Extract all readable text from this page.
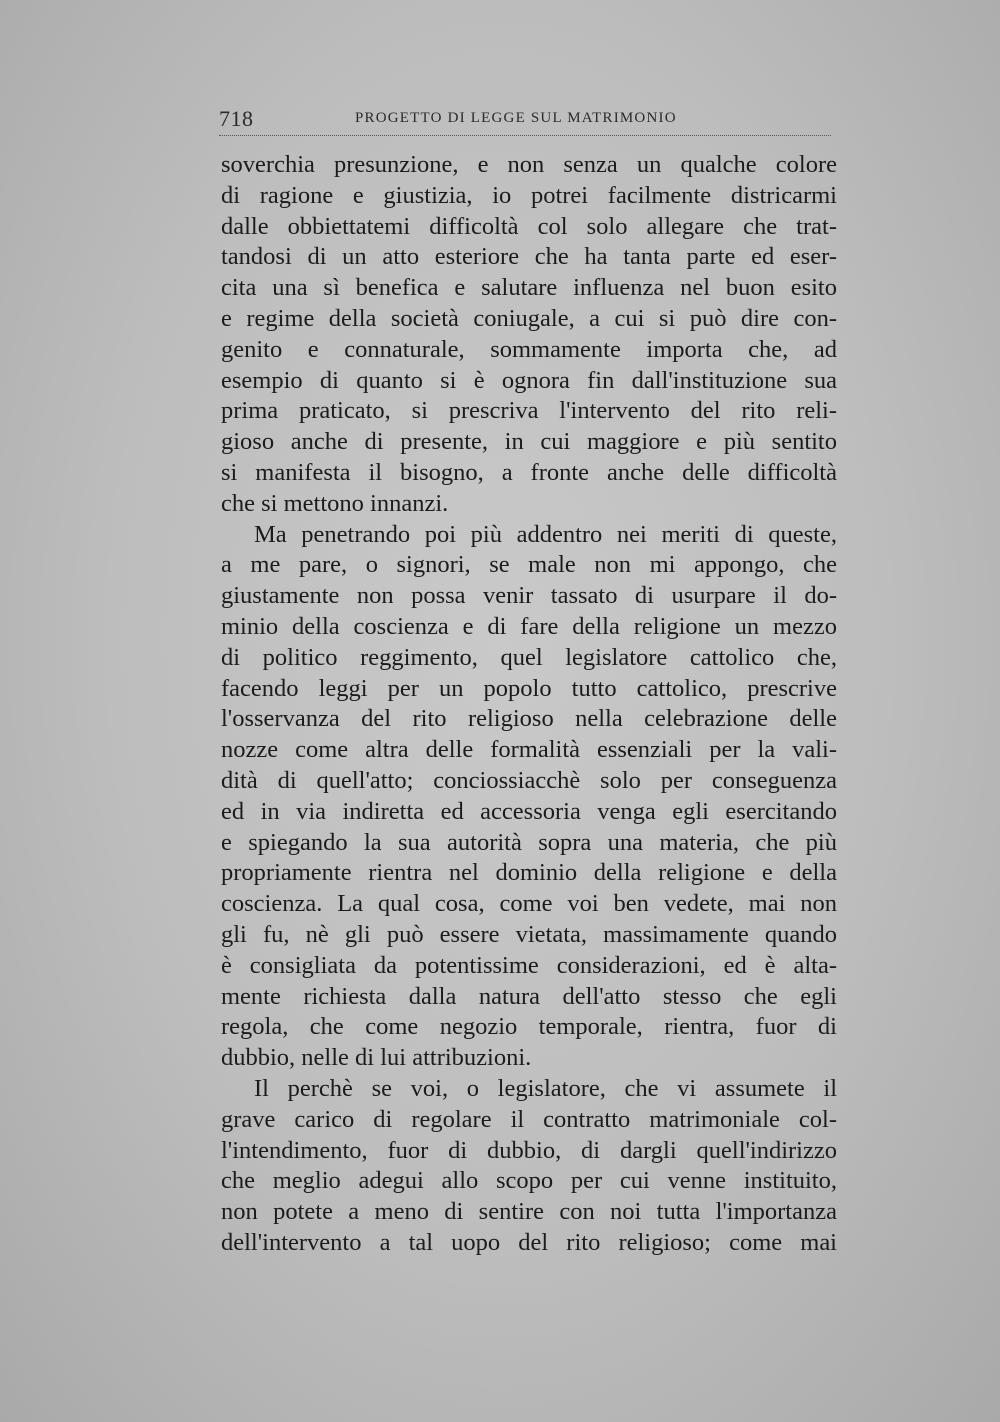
718	PROGETTO DI LEGGE SUL MATRIMONIO
soverchia presunzione, e non senza un qualche colore
di ragione e giustizia, io potrei facilmente districarmi
dalle obbiettatemi difficoltà col solo allegare che trat-
tandosi di un atto esteriore che ha tanta parte ed eser-
cita una sì benefica e salutare influenza nel buon esito
e regime della società coniugale, a cui si può dire con-
genito e connaturale, sommamente importa che, ad
esempio di quanto si è ognora fin dall'instituzione sua
prima praticato, si prescriva l'intervento del rito reli-
gioso anche di presente, in cui maggiore e più sentito
si manifesta il bisogno, a fronte anche delle difficoltà
che si mettono innanzi.
Ma penetrando poi più addentro nei meriti di queste,
a me pare, o signori, se male non mi appongo, che
giustamente non possa venir tassato di usurpare il do-
minio della coscienza e di fare della religione un mezzo
di politico reggimento, quel legislatore cattolico che,
facendo leggi per un popolo tutto cattolico, prescrive
l'osservanza del rito religioso nella celebrazione delle
nozze come altra delle formalità essenziali per la vali-
dità di quell'atto; conciossiacchè solo per conseguenza
ed in via indiretta ed accessoria venga egli esercitando
e spiegando la sua autorità sopra una materia, che più
propriamente rientra nel dominio della religione e della
coscienza. La qual cosa, come voi ben vedete, mai non
gli fu, nè gli può essere vietata, massimamente quando
è consigliata da potentissime considerazioni, ed è alta-
mente richiesta dalla natura dell'atto stesso che egli
regola, che come negozio temporale, rientra, fuor di
dubbio, nelle di lui attribuzioni.
Il perchè se voi, o legislatore, che vi assumete il
grave carico di regolare il contratto matrimoniale col-
l'intendimento, fuor di dubbio, di dargli quell'indirizzo
che meglio adegui allo scopo per cui venne instituito,
non potete a meno di sentire con noi tutta l'importanza
dell'intervento a tal uopo del rito religioso; come mai
